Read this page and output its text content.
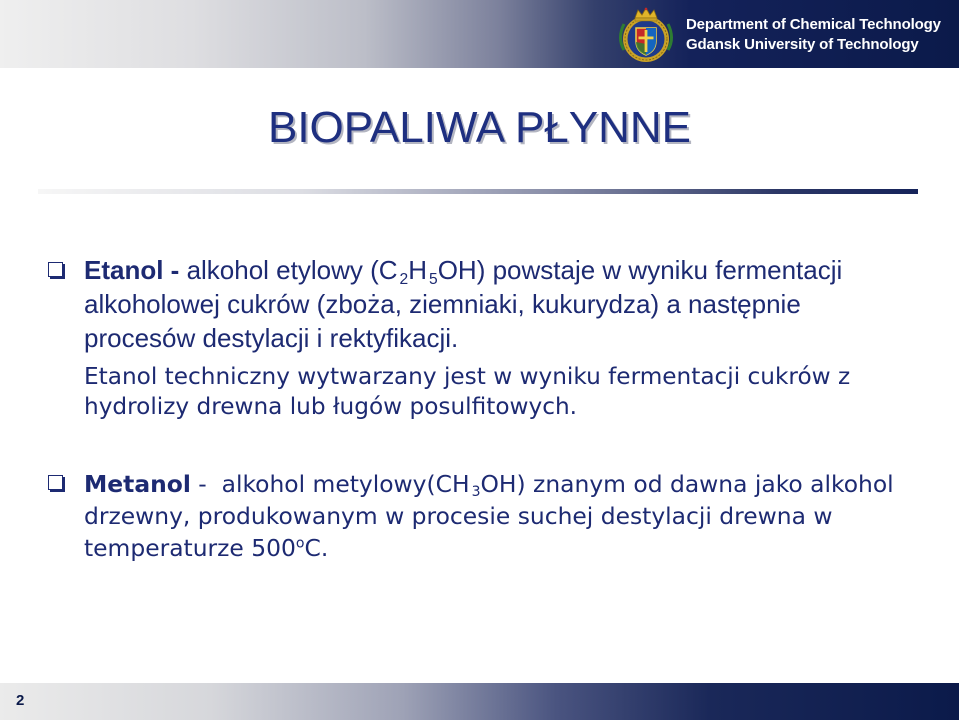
Department of Chemical Technology
Gdansk University of Technology
BIOPALIWA PŁYNNE
Etanol - alkohol etylowy (C $_2$H $_5$OH) powstaje w wyniku fermentacji
alkoholowej cukrów (zboża, ziemniaki, kukurydza) a następnie
procesów destylacji i rektyfikacji.
Etanol techniczny wytwarzany jest w wyniku fermentacji cukrów z
hydrolizy drewna lub ługów posulfitowych.
Metanol -  alkohol metylowy(CH $_3$OH) znanym od dawna jako alkohol
drzewny, produkowanym w procesie suchej destylacji drewna w
temperaturze 500$^o$C.
2
